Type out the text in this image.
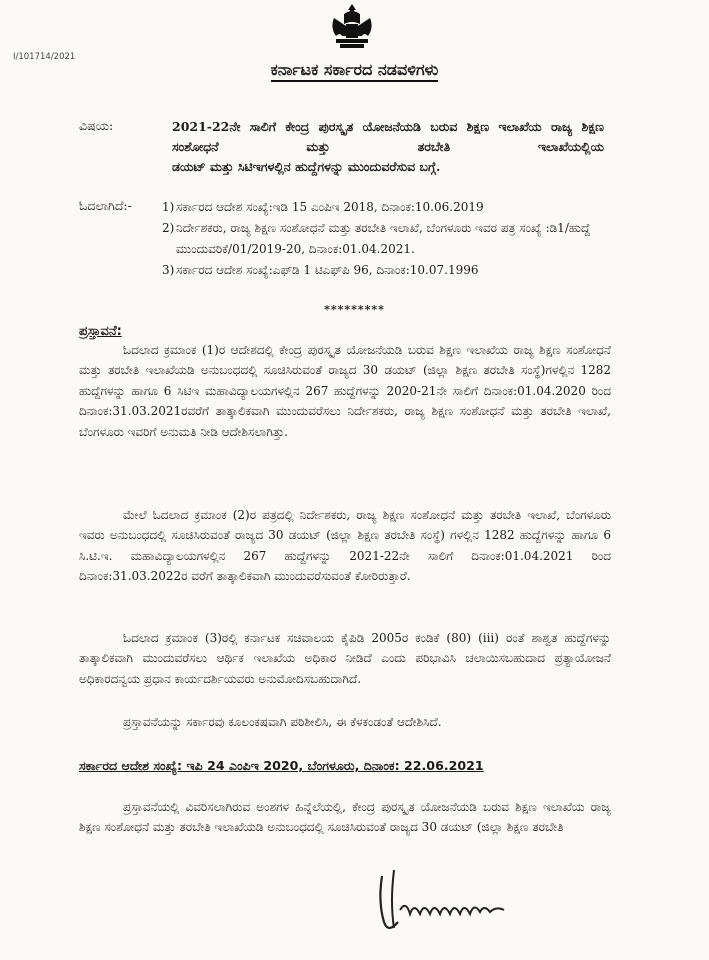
I/101714/2021
ಕರ್ನಾಟಕ ಸರ್ಕಾರದ ನಡವಳಿಗಳು
ವಿಷಯ:	2021-22ನೇ ಸಾಲಿಗೆ ಕೇಂದ್ರ ಪುರಸ್ಕೃತ ಯೋಜನೆಯಡಿ ಬರುವ ಶಿಕ್ಷಣ ಇಲಾಖೆಯ ರಾಜ್ಯ ಶಿಕ್ಷಣ ಸಂಶೋಧನೆ ಮತ್ತು ತರಬೇತಿ ಇಲಾಖೆಯಲ್ಲಿಯ
ಡಯಟ್ ಮತ್ತು ಸಿಟಿಇಗಳಲ್ಲಿನ ಹುದ್ದೆಗಳನ್ನು ಮುಂದುವರೆಸುವ ಬಗ್ಗೆ.
ಓದಲಾಗಿದೆ:-	1) ಸರ್ಕಾರದ ಆದೇಶ ಸಂಖ್ಯೆ:ಇಡಿ 15 ಎಂಪಿಇ 2018, ದಿನಾಂಕ:10.06.2019
2) ನಿರ್ದೇಶಕರು, ರಾಜ್ಯ ಶಿಕ್ಷಣ ಸಂಶೋಧನೆ ಮತ್ತು ತರಬೇತಿ ಇಲಾಖೆ, ಬೆಂಗಳೂರು ಇವರ ಪತ್ರ ಸಂಖ್ಯೆ :ಡಿ1/ಹುದ್ದೆ ಮುಂದುವರಿಕೆ/01/2019-20, ದಿನಾಂಕ:01.04.2021.
3) ಸರ್ಕಾರದ ಆದೇಶ ಸಂಖ್ಯೆ:ಎಫ್‌ಡಿ 1 ಟಿಎಫ್‌ಪಿ 96, ದಿನಾಂಕ:10.07.1996
*********
ಪ್ರಸ್ತಾವನೆ:
ಓದಲಾದ ಕ್ರಮಾಂಕ (1)ರ ಆದೇಶದಲ್ಲಿ ಕೇಂದ್ರ ಪುರಸ್ಕೃತ ಯೋಜನೆಯಡಿ ಬರುವ ಶಿಕ್ಷಣ ಇಲಾಖೆಯ ರಾಜ್ಯ ಶಿಕ್ಷಣ ಸಂಶೋಧನೆ ಮತ್ತು ತರಬೇತಿ ಇಲಾಖೆಯಡಿ ಅನುಬಂಧದಲ್ಲಿ ಸೂಚಿಸಿರುವಂತೆ ರಾಜ್ಯದ 30 ಡಯಟ್ (ಜಿಲ್ಲಾ ಶಿಕ್ಷಣ ತರಬೇತಿ ಸಂಸ್ಥೆ)ಗಳಲ್ಲಿನ 1282 ಹುದ್ದೆಗಳನ್ನು ಹಾಗೂ 6 ಸಿಟಿಇ ಮಹಾವಿದ್ಯಾಲಯಗಳಲ್ಲಿನ 267 ಹುದ್ದೆಗಳನ್ನು 2020-21ನೇ ಸಾಲಿಗೆ ದಿನಾಂಕ:01.04.2020 ರಿಂದ ದಿನಾಂಕ:31.03.2021ರವರೆಗೆ ತಾತ್ಕಾಲಿಕವಾಗಿ ಮುಂದುವರೆಸಲು ನಿರ್ದೇಶಕರು, ರಾಜ್ಯ ಶಿಕ್ಷಣ ಸಂಶೋಧನೆ ಮತ್ತು ತರಬೇತಿ ಇಲಾಖೆ, ಬೆಂಗಳೂರು ಇವರಿಗೆ ಅನುಮತಿ ನೀಡಿ ಆದೇಶಿಸಲಾಗಿತ್ತು.
ಮೇಲೆ ಓದಲಾದ ಕ್ರಮಾಂಕ (2)ರ ಪತ್ರದಲ್ಲಿ ನಿರ್ದೇಶಕರು, ರಾಜ್ಯ ಶಿಕ್ಷಣ ಸಂಶೋಧನೆ ಮತ್ತು ತರಬೇತಿ ಇಲಾಖೆ, ಬೆಂಗಳೂರು ಇವರು ಅನುಬಂಧದಲ್ಲಿ ಸೂಚಿಸಿರುವಂತೆ ರಾಜ್ಯದ 30 ಡಯಟ್ (ಜಿಲ್ಲಾ ಶಿಕ್ಷಣ ತರಬೇತಿ ಸಂಸ್ಥೆ) ಗಳಲ್ಲಿನ 1282 ಹುದ್ದೆಗಳನ್ನು ಹಾಗೂ 6 ಸಿ.ಟಿ.ಇ. ಮಹಾವಿದ್ಯಾಲಯಗಳಲ್ಲಿನ 267 ಹುದ್ದೆಗಳನ್ನು 2021-22ನೇ ಸಾಲಿಗೆ ದಿನಾಂಕ:01.04.2021 ರಿಂದ ದಿನಾಂಕ:31.03.2022ರ ವರೆಗೆ ತಾತ್ಕಾಲಿಕವಾಗಿ ಮುಂದುವರೆಸುವಂತೆ ಕೋರಿರುತ್ತಾರೆ.
ಓದಲಾದ ಕ್ರಮಾಂಕ (3)ರಲ್ಲಿ ಕರ್ನಾಟಕ ಸಚಿವಾಲಯ ಕೈಪಿಡಿ 2005ರ ಕಂಡಿಕೆ (80) (iii) ರಂತೆ ಶಾಶ್ವತ ಹುದ್ದೆಗಳನ್ನು ತಾತ್ಕಾಲಿಕವಾಗಿ ಮುಂದುವರೆಸಲು ಆರ್ಥಿಕ ಇಲಾಖೆಯ ಅಧಿಕಾರ ನೀಡಿದೆ ಎಂದು ಪರಿಭಾವಿಸಿ ಚಲಾಯಿಸಬಹುದಾದ ಪ್ರತ್ಯಾಯೋಜನೆ ಅಧಿಕಾರದನ್ವಯ ಪ್ರಧಾನ ಕಾರ್ಯದರ್ಶಿಯವರು ಅನುಮೋದಿಸಬಹುದಾಗಿದೆ.
ಪ್ರಸ್ತಾವನೆಯನ್ನು ಸರ್ಕಾರವು ಕೂಲಂಕಷವಾಗಿ ಪರಿಶೀಲಿಸಿ, ಈ ಕೆಳಕಂಡಂತೆ ಆದೇಶಿಸಿದೆ.
ಸರ್ಕಾರದ ಆದೇಶ ಸಂಖ್ಯೆ: ಇಪಿ 24 ಎಂಪಿಇ 2020, ಬೆಂಗಳೂರು, ದಿನಾಂಕ: 22.06.2021
ಪ್ರಸ್ತಾವನೆಯಲ್ಲಿ ವಿವರಿಸಲಾಗಿರುವ ಅಂಶಗಳ ಹಿನ್ನೆಲೆಯಲ್ಲಿ, ಕೇಂದ್ರ ಪುರಸ್ಕೃತ ಯೋಜನೆಯಡಿ ಬರುವ ಶಿಕ್ಷಣ ಇಲಾಖೆಯ ರಾಜ್ಯ ಶಿಕ್ಷಣ ಸಂಶೋಧನೆ ಮತ್ತು ತರಬೇತಿ ಇಲಾಖೆಯಡಿ ಅನುಬಂಧದಲ್ಲಿ ಸೂಚಿಸಿರುವಂತೆ ರಾಜ್ಯದ 30 ಡಯಟ್ (ಜಿಲ್ಲಾ ಶಿಕ್ಷಣ ತರಬೇತಿ
